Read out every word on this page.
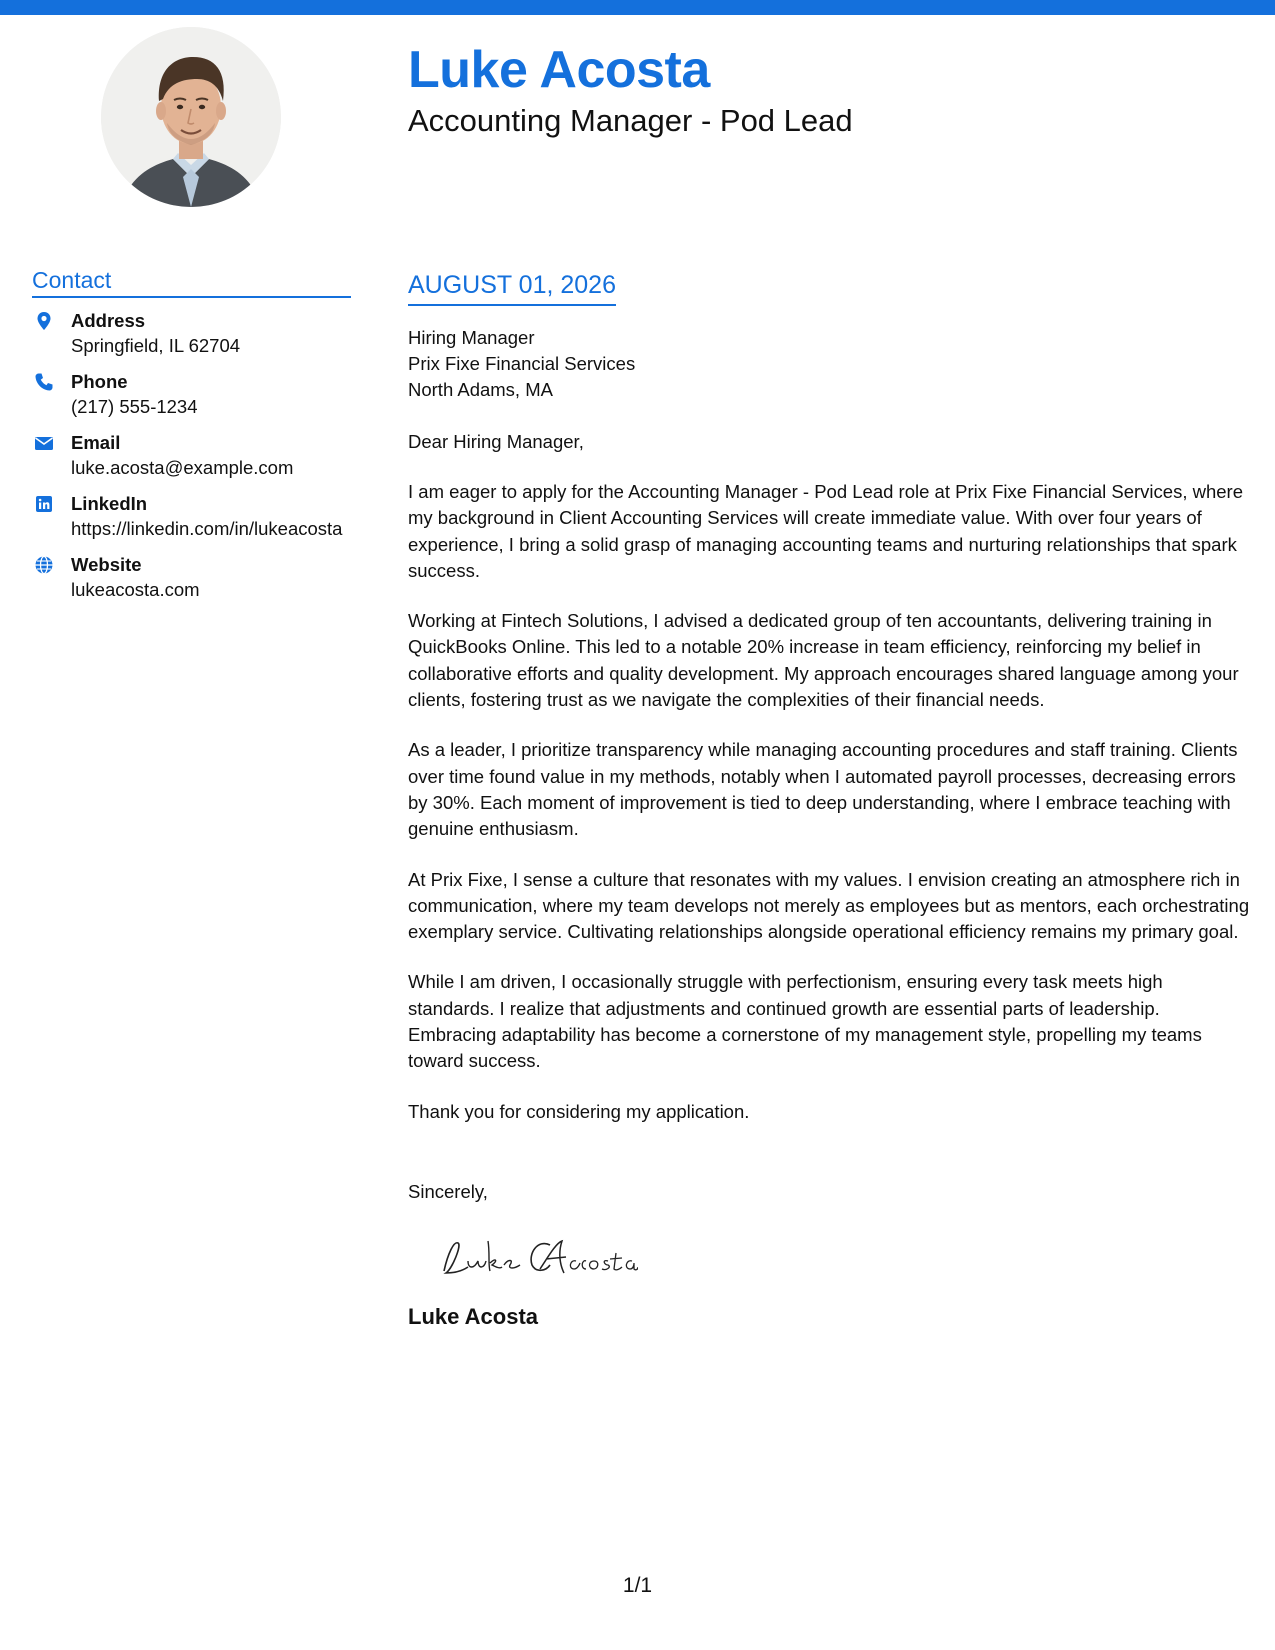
Luke Acosta
Accounting Manager - Pod Lead
Contact
Address
Springfield, IL 62704
Phone
(217) 555-1234
Email
luke.acosta@example.com
LinkedIn
https://linkedin.com/in/lukeacosta
Website
lukeacosta.com
AUGUST 01, 2026
Hiring Manager
Prix Fixe Financial Services
North Adams, MA

Dear Hiring Manager,

I am eager to apply for the Accounting Manager - Pod Lead role at Prix Fixe Financial Services, where my background in Client Accounting Services will create immediate value. With over four years of experience, I bring a solid grasp of managing accounting teams and nurturing relationships that spark success.

Working at Fintech Solutions, I advised a dedicated group of ten accountants, delivering training in QuickBooks Online. This led to a notable 20% increase in team efficiency, reinforcing my belief in collaborative efforts and quality development. My approach encourages shared language among your clients, fostering trust as we navigate the complexities of their financial needs.

As a leader, I prioritize transparency while managing accounting procedures and staff training. Clients over time found value in my methods, notably when I automated payroll processes, decreasing errors by 30%. Each moment of improvement is tied to deep understanding, where I embrace teaching with genuine enthusiasm.

At Prix Fixe, I sense a culture that resonates with my values. I envision creating an atmosphere rich in communication, where my team develops not merely as employees but as mentors, each orchestrating exemplary service. Cultivating relationships alongside operational efficiency remains my primary goal.

While I am driven, I occasionally struggle with perfectionism, ensuring every task meets high standards. I realize that adjustments and continued growth are essential parts of leadership. Embracing adaptability has become a cornerstone of my management style, propelling my teams toward success.

Thank you for considering my application.

Sincerely,

Luke Acosta

1/1
